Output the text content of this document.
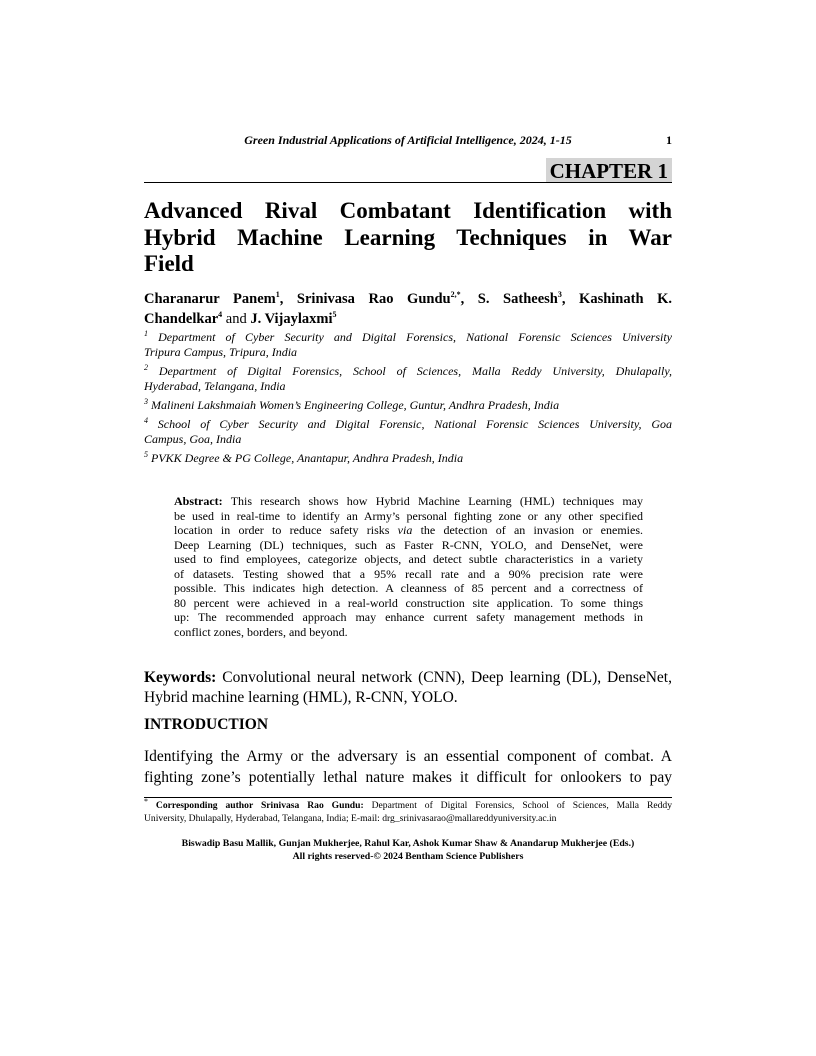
Green Industrial Applications of Artificial Intelligence, 2024, 1-15	1
CHAPTER 1
Advanced Rival Combatant Identification with
Hybrid Machine Learning Techniques in War
Field
Charanarur Panem$^1$, Srinivasa Rao Gundu$^{2,*}$, S. Satheesh$^3$, Kashinath K.
Chandelkar$^4$ and J. Vijaylaxmi$^5$
$^1$ Department of Cyber Security and Digital Forensics, National Forensic Sciences University
Tripura Campus, Tripura, India
$^2$ Department of Digital Forensics, School of Sciences, Malla Reddy University, Dhulapally,
Hyderabad, Telangana, India
$^3$ Malineni Lakshmaiah Women’s Engineering College, Guntur, Andhra Pradesh, India
$^4$ School of Cyber Security and Digital Forensic, National Forensic Sciences University, Goa
Campus, Goa, India
$^5$ PVKK Degree & PG College, Anantapur, Andhra Pradesh, India
Abstract: This research shows how Hybrid Machine Learning (HML) techniques may
be used in real-time to identify an Army’s personal fighting zone or any other specified
location in order to reduce safety risks via the detection of an invasion or enemies.
Deep Learning (DL) techniques, such as Faster R-CNN, YOLO, and DenseNet, were
used to find employees, categorize objects, and detect subtle characteristics in a variety
of datasets. Testing showed that a 95% recall rate and a 90% precision rate were
possible. This indicates high detection. A cleanness of 85 percent and a correctness of
80 percent were achieved in a real-world construction site application. To some things
up: The recommended approach may enhance current safety management methods in
conflict zones, borders, and beyond.
Keywords: Convolutional neural network (CNN), Deep learning (DL), DenseNet,
Hybrid machine learning (HML), R-CNN, YOLO.
INTRODUCTION
Identifying the Army or the adversary is an essential component of combat. A
fighting zone’s potentially lethal nature makes it difficult for onlookers to pay
* Corresponding author Srinivasa Rao Gundu: Department of Digital Forensics, School of Sciences, Malla Reddy
University, Dhulapally, Hyderabad, Telangana, India; E-mail: drg_srinivasarao@mallareddyuniversity.ac.in
Biswadip Basu Mallik, Gunjan Mukherjee, Rahul Kar, Ashok Kumar Shaw & Anandarup Mukherjee (Eds.)
All rights reserved-© 2024 Bentham Science Publishers
